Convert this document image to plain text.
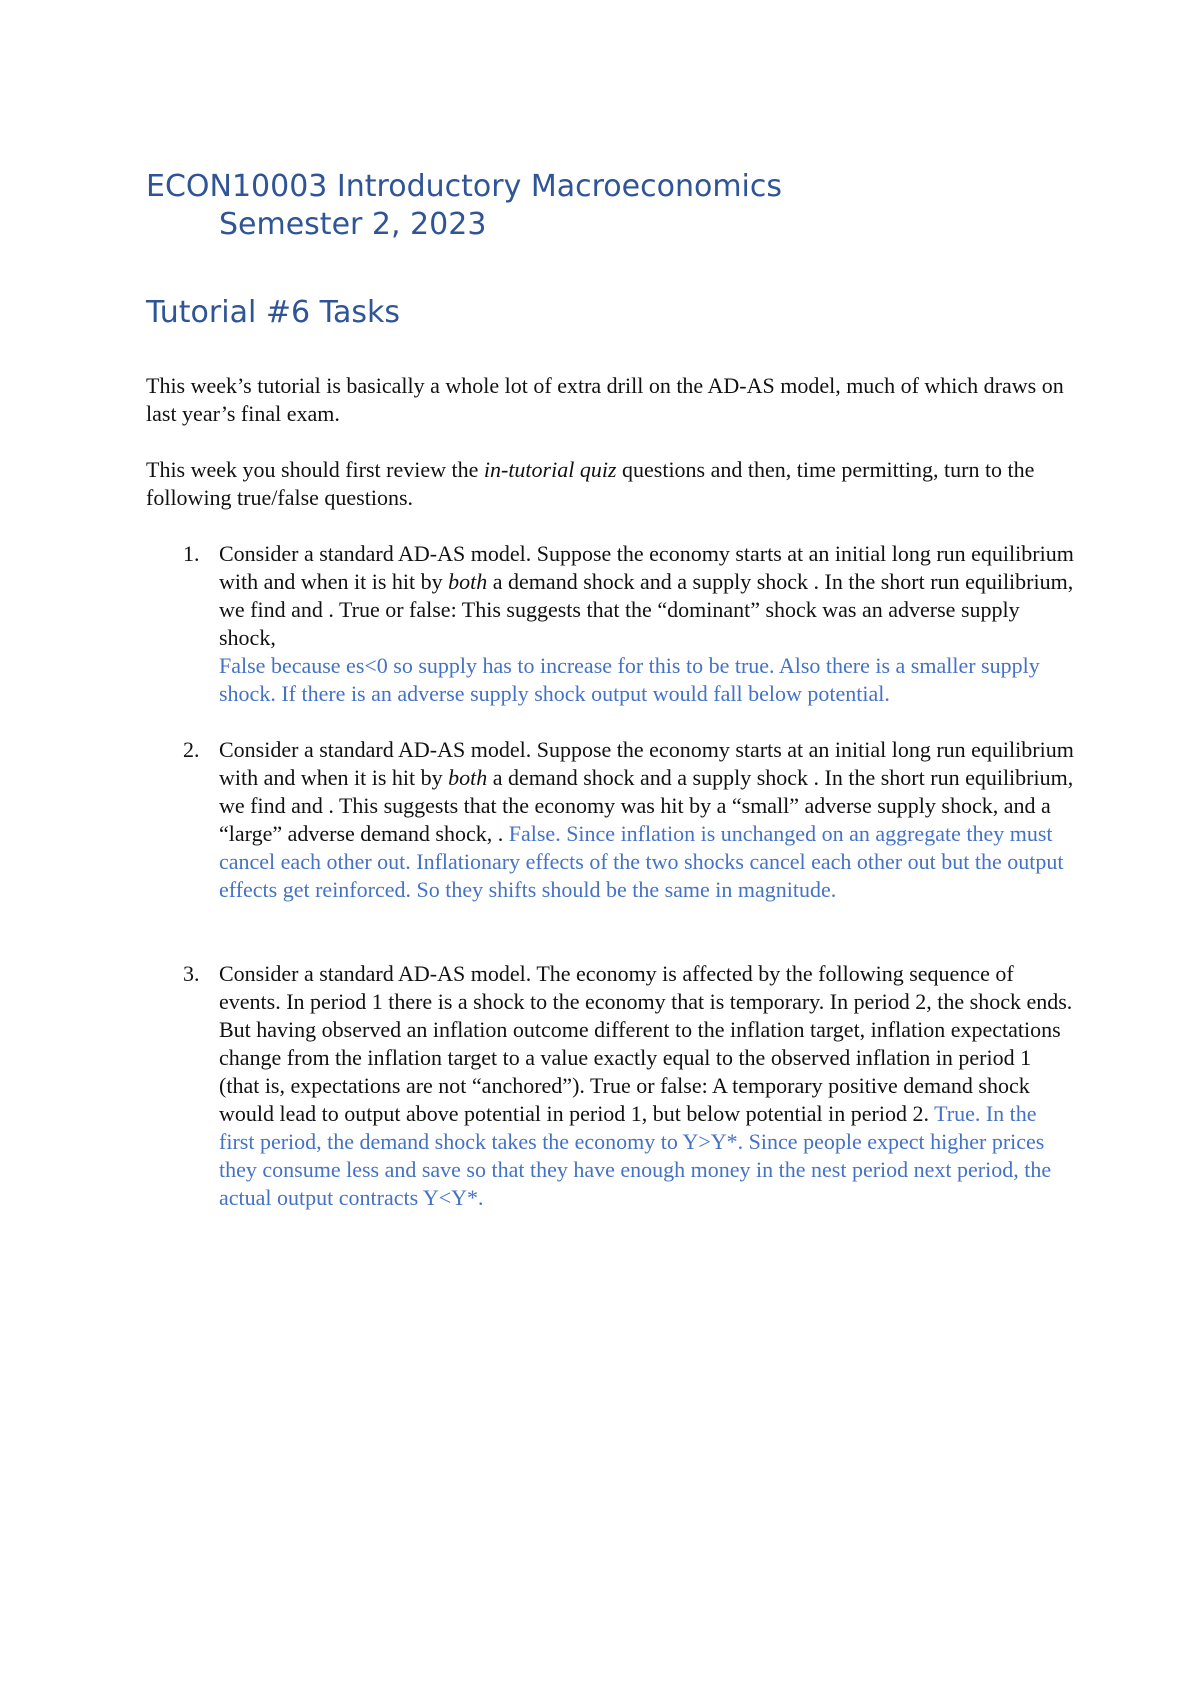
ECON10003 Introductory Macroeconomics
Semester 2, 2023
Tutorial #6 Tasks

This week’s tutorial is basically a whole lot of extra drill on the AD-AS model, much of which draws on last year’s final exam.

This week you should first review the in-tutorial quiz questions and then, time permitting, turn to the following true/false questions.

1. Consider a standard AD-AS model. Suppose the economy starts at an initial long run equilibrium with and when it is hit by both a demand shock and a supply shock . In the short run equilibrium, we find and . True or false: This suggests that the “dominant” shock was an adverse supply shock,
False because es<0 so supply has to increase for this to be true. Also there is a smaller supply shock. If there is an adverse supply shock output would fall below potential.
2. Consider a standard AD-AS model. Suppose the economy starts at an initial long run equilibrium with and when it is hit by both a demand shock and a supply shock . In the short run equilibrium, we find and . This suggests that the economy was hit by a “small” adverse supply shock, and a “large” adverse demand shock, . False. Since inflation is unchanged on an aggregate they must cancel each other out. Inflationary effects of the two shocks cancel each other out but the output effects get reinforced. So they shifts should be the same in magnitude.
3. Consider a standard AD-AS model. The economy is affected by the following sequence of events. In period 1 there is a shock to the economy that is temporary. In period 2, the shock ends. But having observed an inflation outcome different to the inflation target, inflation expectations change from the inflation target to a value exactly equal to the observed inflation in period 1 (that is, expectations are not “anchored”). True or false: A temporary positive demand shock would lead to output above potential in period 1, but below potential in period 2. True. In the first period, the demand shock takes the economy to Y>Y*. Since people expect higher prices they consume less and save so that they have enough money in the nest period next period, the actual output contracts Y<Y*.
